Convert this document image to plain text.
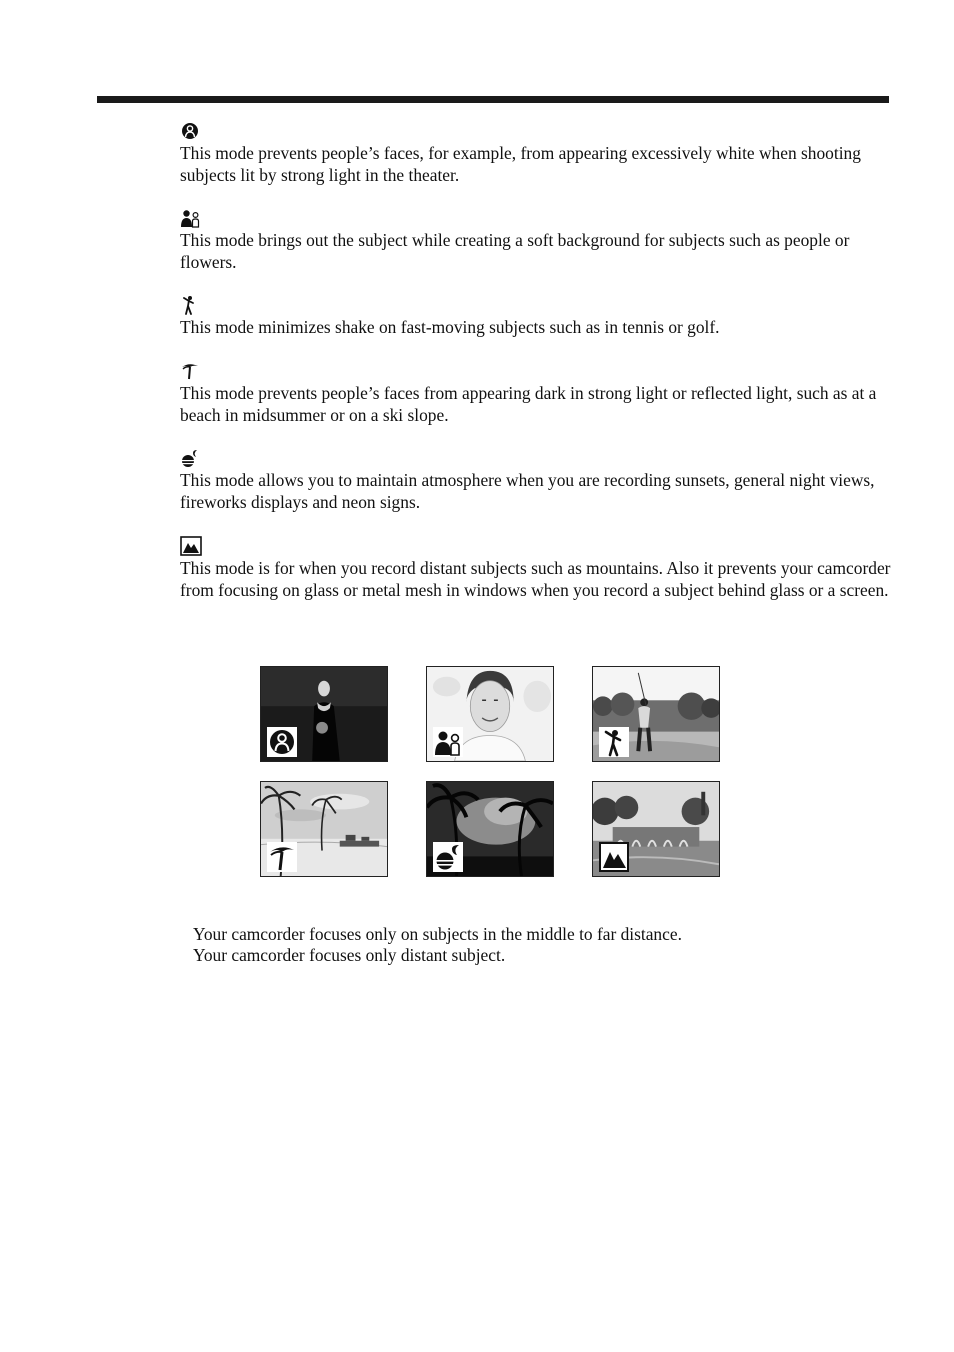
This mode prevents people’s faces, for example, from appearing excessively white when shooting subjects lit by strong light in the theater.

This mode brings out the subject while creating a soft background for subjects such as people or flowers.

This mode minimizes shake on fast-moving subjects such as in tennis or golf.

This mode prevents people’s faces from appearing dark in strong light or reflected light, such as at a beach in midsummer or on a ski slope.

This mode allows you to maintain atmosphere when you are recording sunsets, general night views, fireworks displays and neon signs.

This mode is for when you record distant subjects such as mountains. Also it prevents your camcorder from focusing on glass or metal mesh in windows when you record a subject behind glass or a screen.

Your camcorder focuses only on subjects in the middle to far distance.

Your camcorder focuses only distant subject.
